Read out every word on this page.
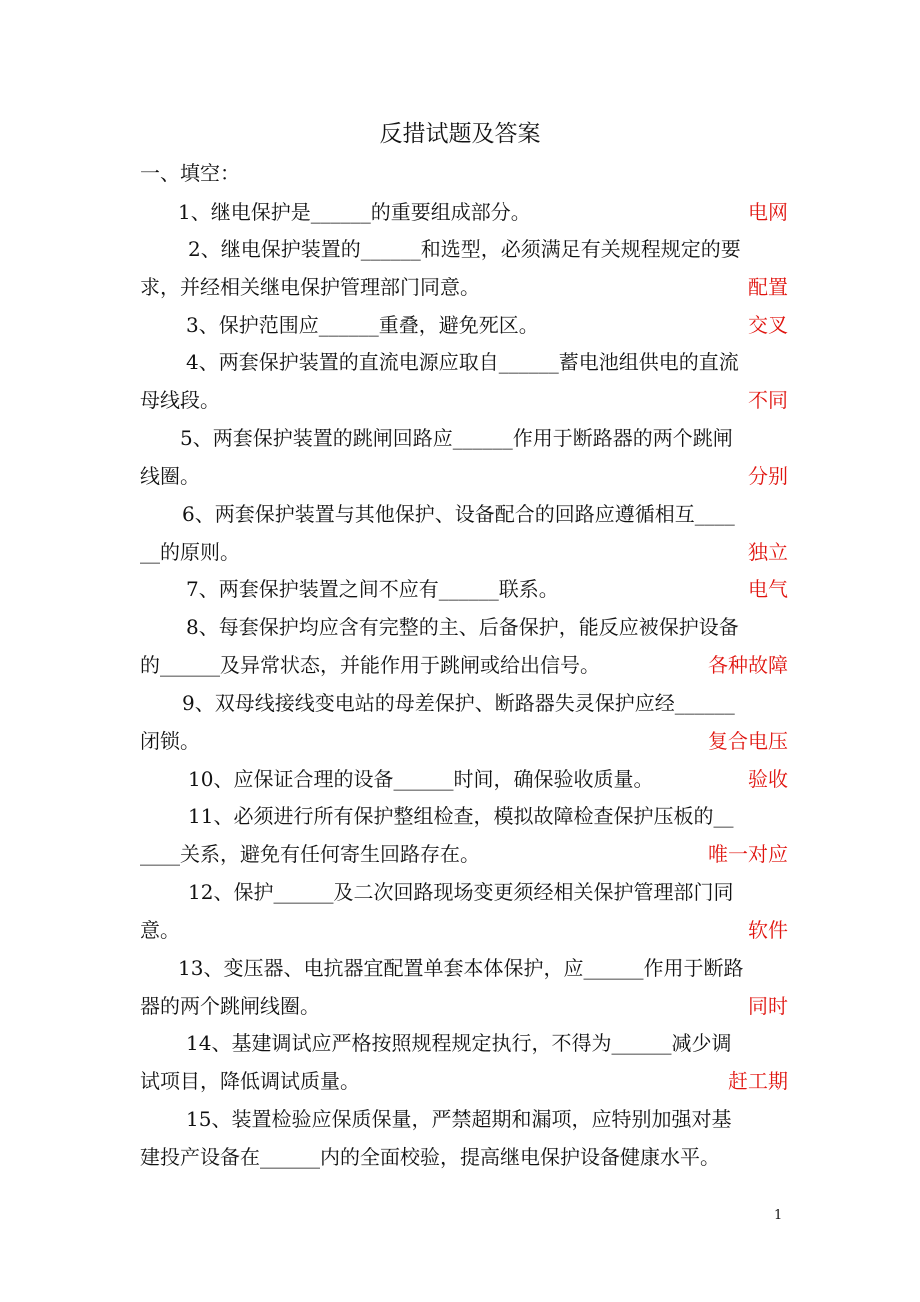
反措试题及答案
一、填空：
1、继电保护是______的重要组成部分。	电网
2、继电保护装置的______和选型，必须满足有关规程规定的要
求，并经相关继电保护管理部门同意。	配置
3、保护范围应______重叠，避免死区。	交叉
4、两套保护装置的直流电源应取自______蓄电池组供电的直流
母线段。	不同
5、两套保护装置的跳闸回路应______作用于断路器的两个跳闸
线圈。	分别
6、两套保护装置与其他保护、设备配合的回路应遵循相互____
__的原则。	独立
7、两套保护装置之间不应有______联系。	电气
8、每套保护均应含有完整的主、后备保护，能反应被保护设备
的______及异常状态，并能作用于跳闸或给出信号。	各种故障
9、双母线接线变电站的母差保护、断路器失灵保护应经______
闭锁。	复合电压
10、应保证合理的设备______时间，确保验收质量。	验收
11、必须进行所有保护整组检查，模拟故障检查保护压板的__
____关系，避免有任何寄生回路存在。	唯一对应
12、保护______及二次回路现场变更须经相关保护管理部门同
意。	软件
13、变压器、电抗器宜配置单套本体保护，应______作用于断路
器的两个跳闸线圈。	同时
14、基建调试应严格按照规程规定执行，不得为______减少调
试项目，降低调试质量。	赶工期
15、装置检验应保质保量，严禁超期和漏项，应特别加强对基
建投产设备在______内的全面校验，提高继电保护设备健康水平。
1
